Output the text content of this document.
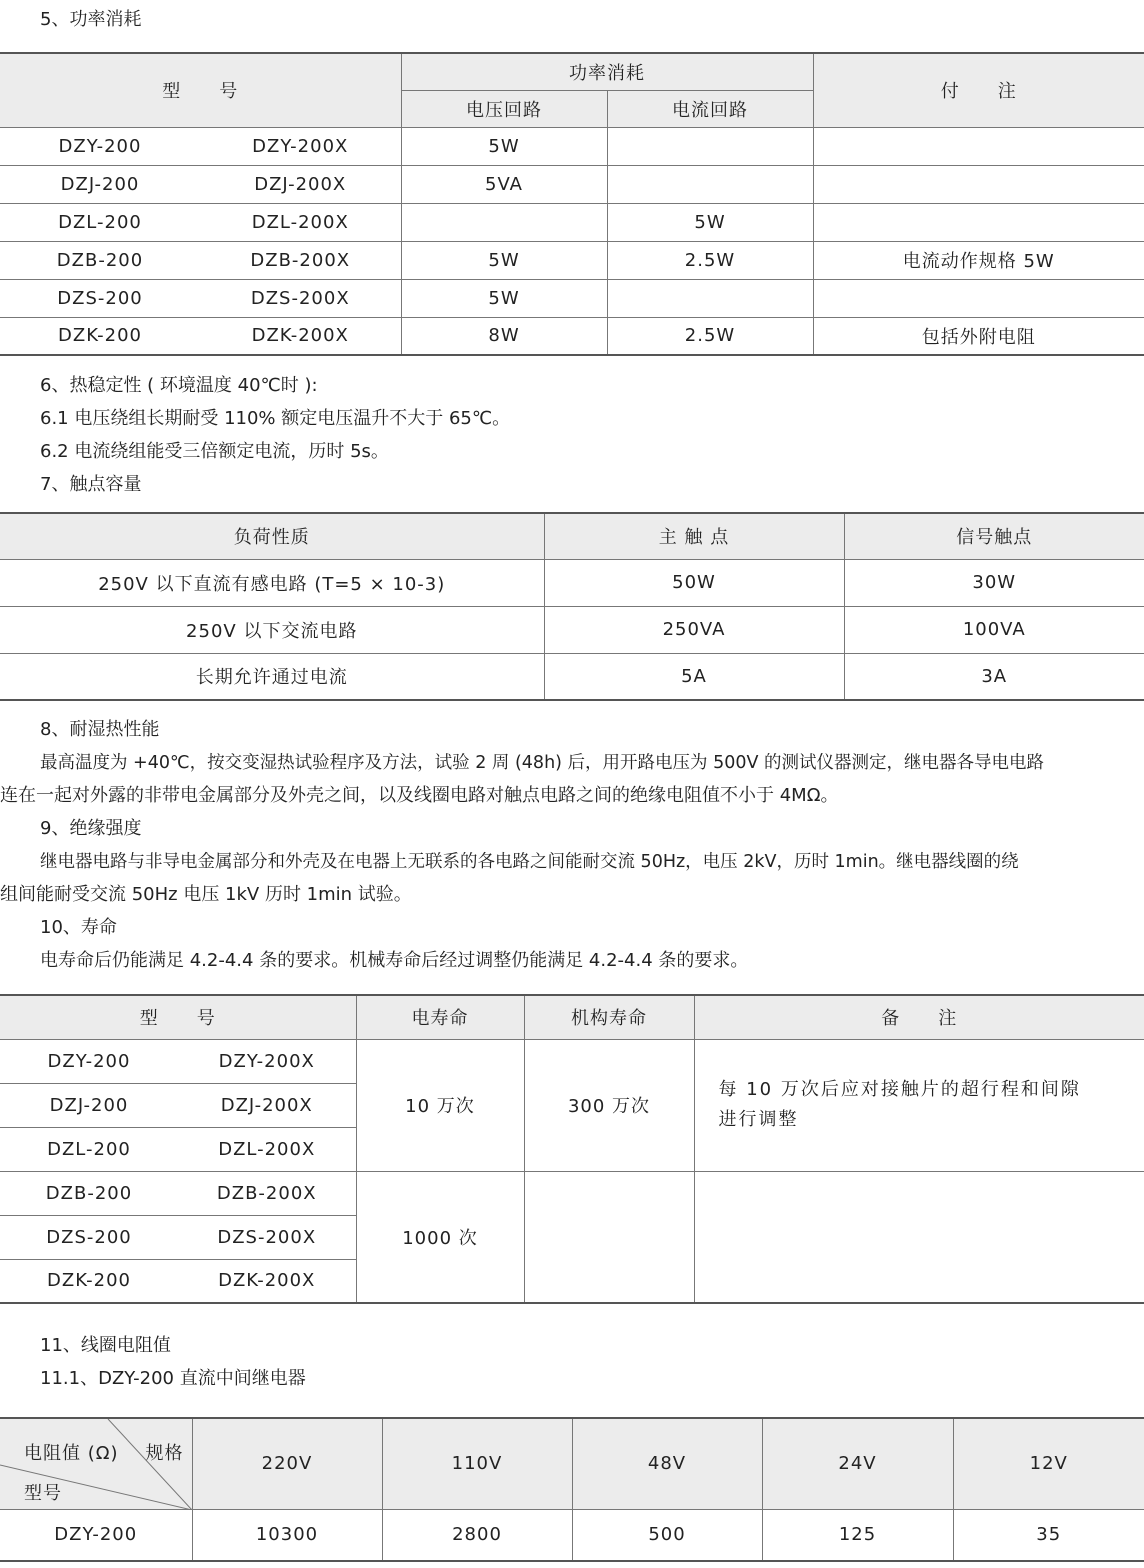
5、功率消耗
型　　号		功率消耗		付　　注
		电压回路	电流回路	
DZY-200	DZY-200X	5W		
DZJ-200	DZJ-200X	5VA		
DZL-200	DZL-200X		5W	
DZB-200	DZB-200X	5W	2.5W	电流动作规格 5W
DZS-200	DZS-200X	5W		
DZK-200	DZK-200X	8W	2.5W	包括外附电阻
6、热稳定性 ( 环境温度 40℃时 ):
6.1 电压绕组长期耐受 110% 额定电压温升不大于 65℃。
6.2 电流绕组能受三倍额定电流，历时 5s。
7、触点容量
负荷性质	主 触 点	信号触点
250V 以下直流有感电路 (T=5 × 10-3)	50W	30W
250V 以下交流电路	250VA	100VA
长期允许通过电流	5A	3A
8、耐湿热性能
最高温度为 +40℃，按交变湿热试验程序及方法，试验 2 周 (48h) 后，用开路电压为 500V 的测试仪器测定，继电器各导电电路
连在一起对外露的非带电金属部分及外壳之间，以及线圈电路对触点电路之间的绝缘电阻值不小于 4MΩ。
9、绝缘强度
继电器电路与非导电金属部分和外壳及在电器上无联系的各电路之间能耐交流 50Hz，电压 2kV，历时 1min。继电器线圈的绕
组间能耐受交流 50Hz 电压 1kV 历时 1min 试验。
10、寿命
电寿命后仍能满足 4.2-4.4 条的要求。机械寿命后经过调整仍能满足 4.2-4.4 条的要求。
型　　号		电寿命	机构寿命	备　　注
DZY-200	DZY-200X	10 万次	300 万次	每 10 万次后应对接触片的超行程和间隙
进行调整

DZJ-200	DZJ-200X			
DZL-200	DZL-200X			
DZB-200	DZB-200X	1000 次		
DZS-200	DZS-200X			
DZK-200	DZK-200X			
11、线圈电阻值
11.1、DZY-200 直流中间继电器
电阻值 (Ω) 规格
型号	220V	110V	48V	24V	12V
DZY-200	10300	2800	500	125	35
